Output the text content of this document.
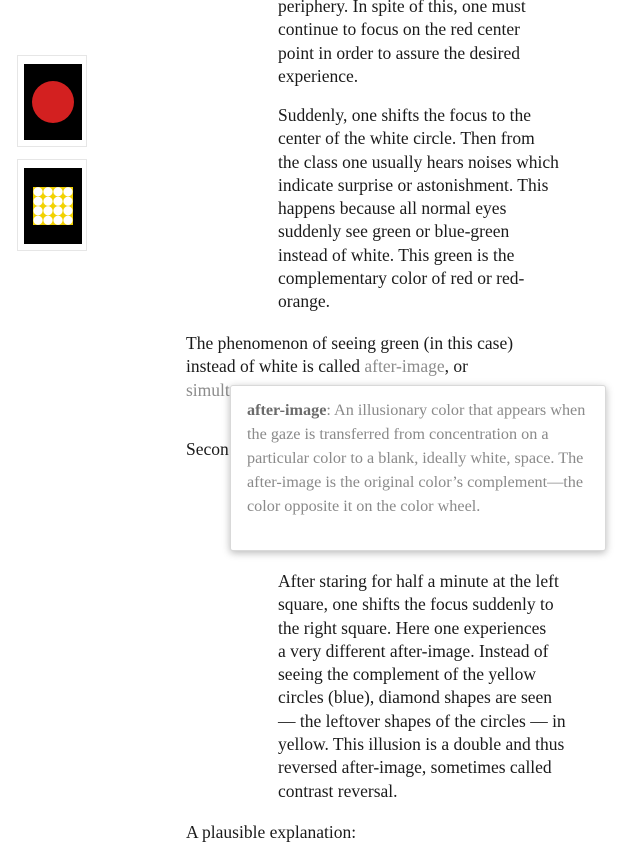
periphery. In spite of this, one must
continue to focus on the red center
point in order to assure the desired
experience.
Suddenly, one shifts the focus to the
center of the white circle. Then from
the class one usually hears noises which
indicate surprise or astonishment. This
happens because all normal eyes
suddenly see green or blue-green
instead of white. This green is the
complementary color of red or red-
orange.
The phenomenon of seeing green (in this case)
instead of white is called after-image, or
simult
Secon
After staring for half a minute at the left
square, one shifts the focus suddenly to
the right square. Here one experiences
a very different after-image. Instead of
seeing the complement of the yellow
circles (blue), diamond shapes are seen
— the leftover shapes of the circles — in
yellow. This illusion is a double and thus
reversed after-image, sometimes called
contrast reversal.
A plausible explanation:

after-image: An illusionary color that appears when the gaze is transferred from concentration on a particular color to a blank, ideally white, space. The after-image is the original color’s complement—the color opposite it on the color wheel.
